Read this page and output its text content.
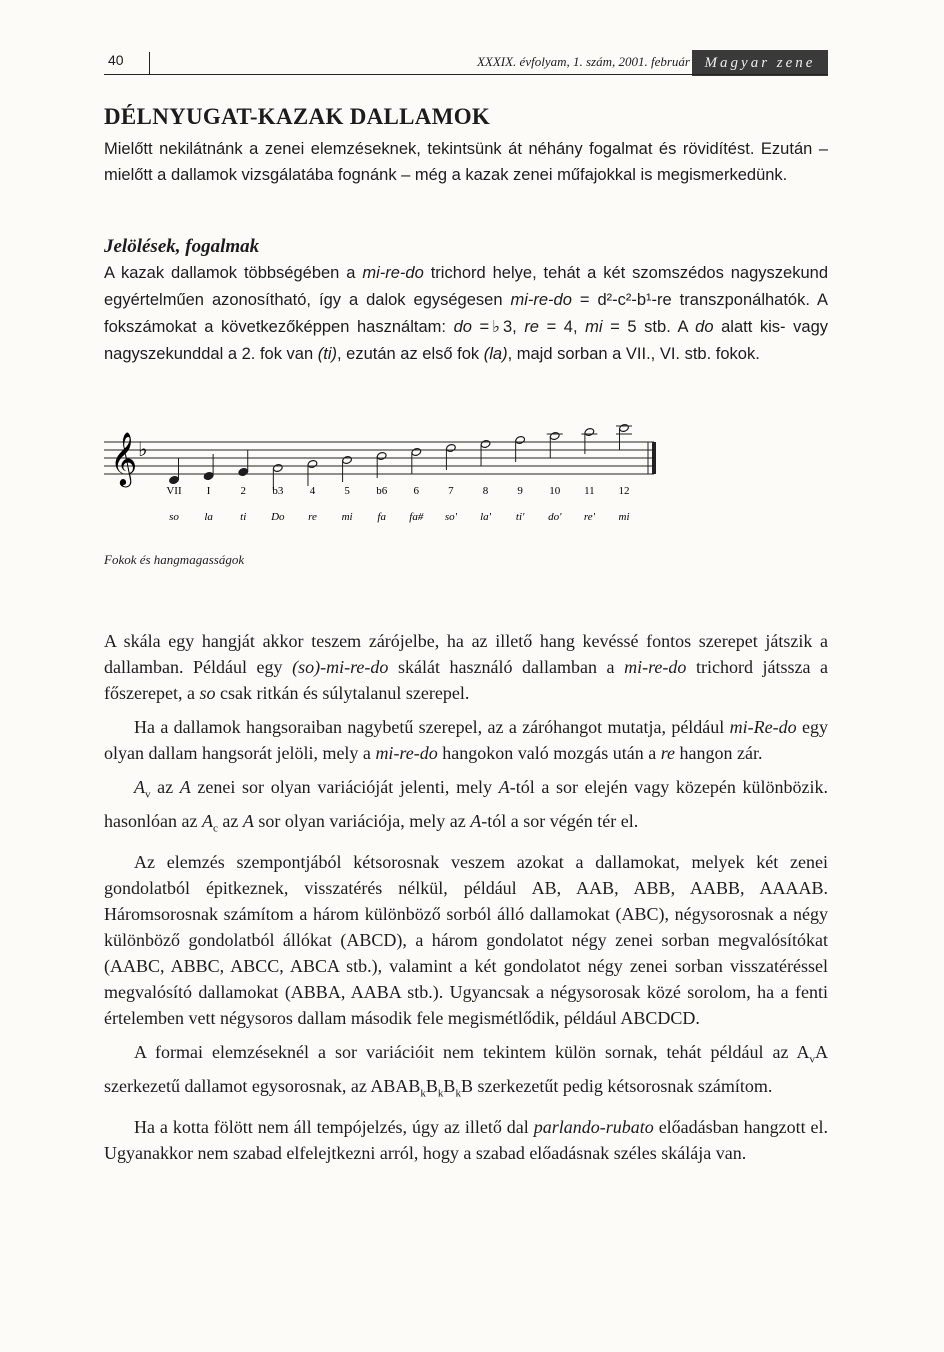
40	XXXIX. évfolyam, 1. szám, 2001. február Magyar zene
DÉLNYUGAT-KAZAK DALLAMOK
Mielőtt nekilátnánk a zenei elemzéseknek, tekintsünk át néhány fogalmat és rövidítést. Ezután – mielőtt a dallamok vizsgálatába fognánk – még a kazak zenei műfajokkal is megismerkedünk.
Jelölések, fogalmak
A kazak dallamok többségében a mi-re-do trichord helye, tehát a két szomszédos nagyszekund egyértelműen azonosítható, így a dalok egységesen mi-re-do = d²-c²-b¹-re transzponálhatók. A fokszámokat a következőképpen használtam: do =♭3, re = 4, mi = 5 stb. A do alatt kis- vagy nagyszekunddal a 2. fok van (ti), ezután az első fok (la), majd sorban a VII., VI. stb. fokok.
𝄞 ♭
VII I	2 b3 4	5 b6 6	7	8	9 10 11 12
so la ti Do re mi fa fa# so' la' ti' do' re' mi
Fokok és hangmagasságok

A skála egy hangját akkor teszem zárójelbe, ha az illető hang kevéssé fontos szerepet játszik a dallamban. Például egy (so)-mi-re-do skálát használó dallamban a mi-re-do trichord játssza a főszerepet, a so csak ritkán és súlytalanul szerepel.

Ha a dallamok hangsoraiban nagybetű szerepel, az a záróhangot mutatja, például mi-Re-do egy olyan dallam hangsorát jelöli, mely a mi-re-do hangokon való mozgás után a re hangon zár.

$A_v$ az A zenei sor olyan variációját jelenti, mely A-tól a sor elején vagy közepén különbözik. hasonlóan az $A_c$ az A sor olyan variációja, mely az A-tól a sor végén tér el.

Az elemzés szempontjából kétsorosnak veszem azokat a dallamokat, melyek két zenei gondolatból épitkeznek, visszatérés nélkül, például AB, AAB, ABB, AABB, AAAAB. Háromsorosnak számítom a három különböző sorból álló dallamokat (ABC), négysorosnak a négy különböző gondolatból állókat (ABCD), a három gondolatot négy zenei sorban megvalósítókat (AABC, ABBC, ABCC, ABCA stb.), valamint a két gondolatot négy zenei sorban visszatéréssel megvalósító dallamokat (ABBA, AABA stb.). Ugyancsak a négysorosak közé sorolom, ha a fenti értelemben vett négysoros dallam második fele megismétlődik, például ABCDCD.

A formai elemzéseknél a sor variációit nem tekintem külön sornak, tehát például az $A_vA$ szerkezetű dallamot egysorosnak, az $ABAB_kB_kB_kB$ szerkezetűt pedig kétsorosnak számítom.

Ha a kotta fölött nem áll tempójelzés, úgy az illető dal parlando-rubato előadásban hangzott el. Ugyanakkor nem szabad elfelejtkezni arról, hogy a szabad előadásnak széles skálája van.
